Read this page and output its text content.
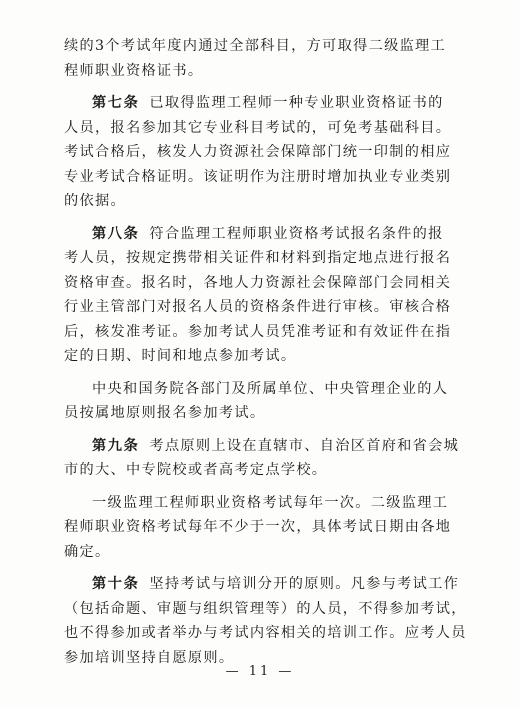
续的3个考试年度内通过全部科目，方可取得二级监理工
程师职业资格证书。
第七条 已取得监理工程师一种专业职业资格证书的
人员，报名参加其它专业科目考试的，可免考基础科目。
考试合格后，核发人力资源社会保障部门统一印制的相应
专业考试合格证明。该证明作为注册时增加执业专业类别
的依据。
第八条 符合监理工程师职业资格考试报名条件的报
考人员，按规定携带相关证件和材料到指定地点进行报名
资格审查。报名时，各地人力资源社会保障部门会同相关
行业主管部门对报名人员的资格条件进行审核。审核合格
后，核发准考证。参加考试人员凭准考证和有效证件在指
定的日期、时间和地点参加考试。
中央和国务院各部门及所属单位、中央管理企业的人
员按属地原则报名参加考试。
第九条 考点原则上设在直辖市、自治区首府和省会城
市的大、中专院校或者高考定点学校。
一级监理工程师职业资格考试每年一次。二级监理工
程师职业资格考试每年不少于一次，具体考试日期由各地
确定。
第十条 坚持考试与培训分开的原则。凡参与考试工作
（包括命题、审题与组织管理等）的人员，不得参加考试，
也不得参加或者举办与考试内容相关的培训工作。应考人员
参加培训坚持自愿原则。
— 11 —
